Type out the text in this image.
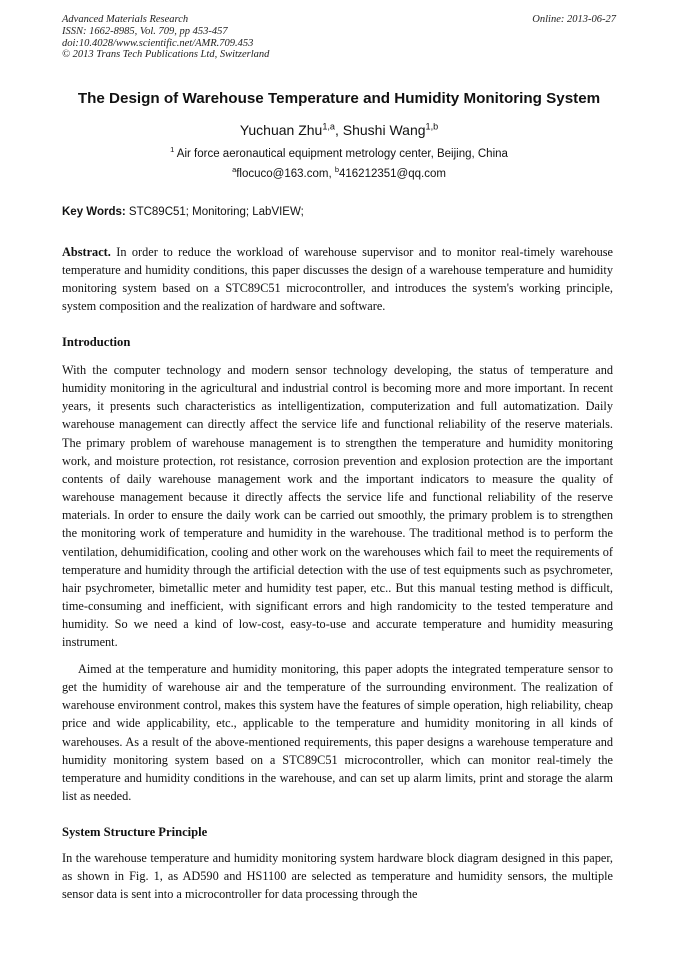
Advanced Materials Research
ISSN: 1662-8985, Vol. 709, pp 453-457
doi:10.4028/www.scientific.net/AMR.709.453
© 2013 Trans Tech Publications Ltd, Switzerland
Online: 2013-06-27
The Design of Warehouse Temperature and Humidity Monitoring System
Yuchuan Zhu$^{1,a}$, Shushi Wang$^{1,b}$
$^1$ Air force aeronautical equipment metrology center, Beijing, China
$^a$flocuco@163.com, $^b$416212351@qq.com
Key Words: STC89C51; Monitoring; LabVIEW;
Abstract. In order to reduce the workload of warehouse supervisor and to monitor real-timely warehouse temperature and humidity conditions, this paper discusses the design of a warehouse temperature and humidity monitoring system based on a STC89C51 microcontroller, and introduces the system's working principle, system composition and the realization of hardware and software.
Introduction
With the computer technology and modern sensor technology developing, the status of temperature and humidity monitoring in the agricultural and industrial control is becoming more and more important. In recent years, it presents such characteristics as intelligentization, computerization and full automatization. Daily warehouse management can directly affect the service life and functional reliability of the reserve materials. The primary problem of warehouse management is to strengthen the temperature and humidity monitoring work, and moisture protection, rot resistance, corrosion prevention and explosion protection are the important contents of daily warehouse management work and the important indicators to measure the quality of warehouse management because it directly affects the service life and functional reliability of the reserve materials. In order to ensure the daily work can be carried out smoothly, the primary problem is to strengthen the monitoring work of temperature and humidity in the warehouse. The traditional method is to perform the ventilation, dehumidification, cooling and other work on the warehouses which fail to meet the requirements of temperature and humidity through the artificial detection with the use of test equipments such as psychrometer, hair psychrometer, bimetallic meter and humidity test paper, etc.. But this manual testing method is difficult, time-consuming and inefficient, with significant errors and high randomicity to the tested temperature and humidity. So we need a kind of low-cost, easy-to-use and accurate temperature and humidity measuring instrument.
Aimed at the temperature and humidity monitoring, this paper adopts the integrated temperature sensor to get the humidity of warehouse air and the temperature of the surrounding environment. The realization of warehouse environment control, makes this system have the features of simple operation, high reliability, cheap price and wide applicability, etc., applicable to the temperature and humidity monitoring in all kinds of warehouses. As a result of the above-mentioned requirements, this paper designs a warehouse temperature and humidity monitoring system based on a STC89C51 microcontroller, which can monitor real-timely the temperature and humidity conditions in the warehouse, and can set up alarm limits, print and storage the alarm list as needed.
System Structure Principle
In the warehouse temperature and humidity monitoring system hardware block diagram designed in this paper, as shown in Fig. 1, as AD590 and HS1100 are selected as temperature and humidity sensors, the multiple sensor data is sent into a microcontroller for data processing through the
